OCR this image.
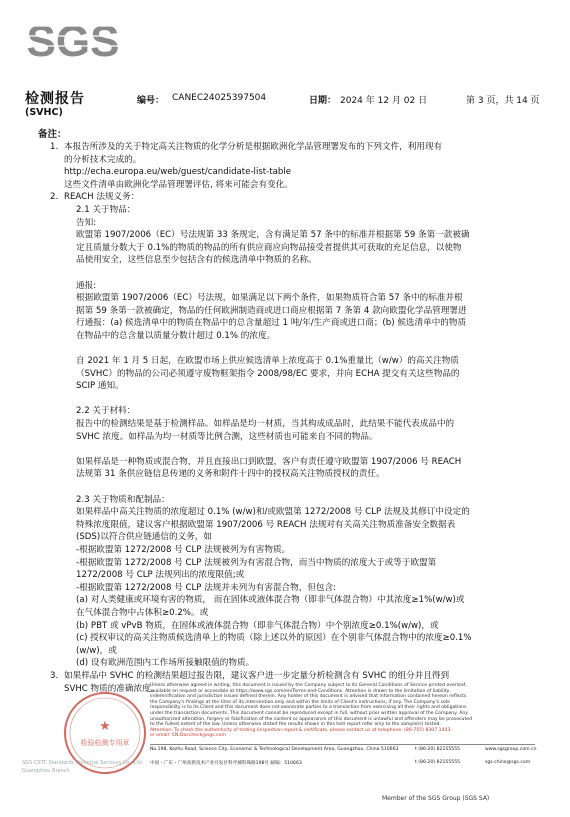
SGS
检测报告
(SVHC)
编号： CANEC24025397504	日期： 2024 年 12 月 02 日	第 3 页，共 14 页
备注：
1. 本报告所涉及的关于特定高关注物质的化学分析是根据欧洲化学品管理署发布的下列文件，利用现有

的分析技术完成的。

http://echa.europa.eu/web/guest/candidate-list-table

这些文件清单由欧洲化学品管理署评估, 将来可能会有变化。

2. REACH 法规义务：

2.1 关于物品：

告知:

欧盟第 1907/2006（EC）号法规第 33 条规定，含有满足第 57 条中的标准并根据第 59 条第一款被确

定且质量分数大于 0.1%的物质的物品的所有供应商应向物品接受者提供其可获取的充足信息，以使物

品使用安全，这些信息至少包括含有的候选清单中物质的名称。

通报:

根据欧盟第 1907/2006（EC）号法规，如果满足以下两个条件，如果物质符合第 57 条中的标准并根

据第 59 条第一款被确定，物品的任何欧洲制造商或进口商应根据第 7 条第 4 款向欧盟化学品管理署进

行通报：(a) 候选清单中的物质在物品中的总含量超过 1 吨/年/生产商或进口商；(b) 候选清单中的物质

在物品中的总含量以质量分数计超过 0.1% 的浓度。

自 2021 年 1 月 5 日起，在欧盟市场上供应候选清单上浓度高于 0.1%重量比（w/w）的高关注物质

（SVHC）的物品的公司必须遵守废物框架指令 2008/98/EC 要求，并向 ECHA 提交有关这些物品的

SCIP 通知。

2.2 关于材料：

报告中的检测结果是基于检测样品。如样品是均一材质，当其构成成品时，此结果不能代表成品中的

SVHC 浓度。如样品为均一材质等比例合测，这些材质也可能来自不同的物品。

如果样品是一种物质或混合物，并且直接出口到欧盟，客户有责任遵守欧盟第 1907/2006 号 REACH

法规第 31 条供应链信息传递的义务和附件十四中的授权高关注物质授权的责任。

2.3 关于物质和配制品：

如果样品中高关注物质的浓度超过 0.1% (w/w)和/或欧盟第 1272/2008 号 CLP 法规及其修订中设定的

特殊浓度限值，建议客户根据欧盟第 1907/2006 号 REACH 法规对有关高关注物质准备安全数据表

(SDS)以符合供应链通信的义务，如

-根据欧盟第 1272/2008 号 CLP 法规被列为有害物质。

-根据欧盟第 1272/2008 号 CLP 法规被列为有害混合物，而当中物质的浓度大于或等于欧盟第

1272/2008 号 CLP 法规列出的浓度限值;或

-根据欧盟第 1272/2008 号 CLP 法规并未列为有害混合物，但包含:

(a) 对人类健康或环境有害的物质， 而在固体或液体混合物（即非气体混合物）中其浓度≥1%(w/w)或

在气体混合物中占体积≥0.2%。或

(b) PBT 或 vPvB 物质，在固体或液体混合物（即非气体混合物）中个别浓度≥0.1%(w/w)，或

(c) 授权审议的高关注物质候选清单上的物质（除上述以外的原因）在个别非气体混合物中的浓度≥0.1%

(w/w)，或

(d) 设有欧洲范围内工作场所接触限值的物质。

3. 如果样品中 SVHC 的检测结果超过报告限，建议客户进一步定量分析检测含有 SVHC 的组分并且得到

SVHC 物质的准确浓度。

★
检验检测专用章
SGS-CSTC Standards Technical Services Co., Ltd.
Guangzhou Branch

Unless otherwise agreed in writing, this document is issued by the Company subject to its General Conditions of Service printed overleaf,

available on request or accessible at https://www.sgs.com/en/Terms-and-Conditions. Attention is drawn to the limitation of liability,

indemnification and jurisdiction issues defined therein. Any holder of this document is advised that information contained hereon reflects

the Company's findings at the time of its intervention only and within the limits of Client's instructions, if any. The Company's sole

responsibility is to its Client and this document does not exonerate parties to a transaction from exercising all their rights and obligations

under the transaction documents. This document cannot be reproduced except in full, without prior written approval of the Company. Any

unauthorized alteration, forgery or falsification of the content or appearance of this document is unlawful and offenders may be prosecuted

to the fullest extent of the law. Unless otherwise stated the results shown in this test report refer only to the sample(s) tested.

Attention: To check the authenticity of testing /inspection report & certificate, please contact us at telephone: (86-755) 8307 1443,

or email: CN.Doccheck@sgs.com

No.198, Kezhu Road, Science City, Economic & Technological Development Area, Guangzhou, China 510663	t (86-20) 82155555	www.sgsgroup.com.cn
中国・广东・广州高新技术产业开发区科学城科珠路198号 邮编：510663	t (86-20) 82155555	sgs.china@sgs.com
Member of the SGS Group (SGS SA)
